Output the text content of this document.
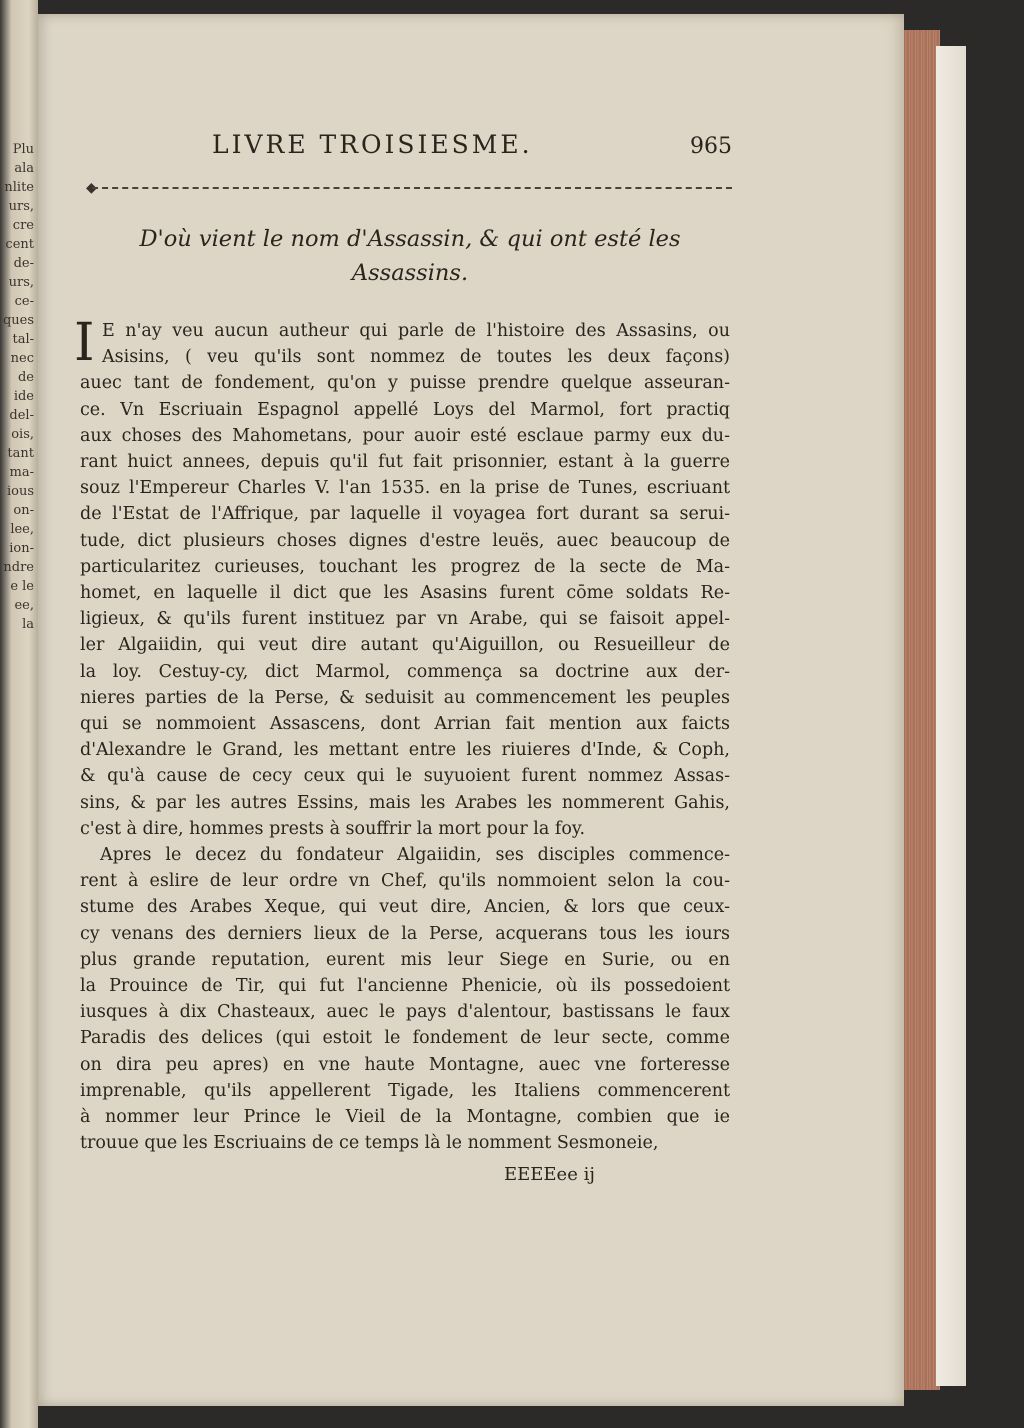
Plu
ala
nlite
urs,
cre
cent
de-
urs,
ce-
ques
tal-
nec
de
ide
del-
ois,
tant
ma-
ious
on-
lee,
ion-
ndre
e le
ee,
la
LIVRE TROISIESME.	965
◆
D'où vient le nom d'Assassin, & qui ont esté les Assassins.
I E n'ay veu aucun autheur qui parle de l'histoire des Assasins, ou
Asisins, ( veu qu'ils sont nommez de toutes les deux façons)
auec tant de fondement, qu'on y puisse prendre quelque asseuran-
ce. Vn Escriuain Espagnol appellé Loys del Marmol, fort practiq
aux choses des Mahometans, pour auoir esté esclaue parmy eux du-
rant huict annees, depuis qu'il fut fait prisonnier, estant à la guerre
souz l'Empereur Charles V. l'an 1535. en la prise de Tunes, escriuant
de l'Estat de l'Affrique, par laquelle il voyagea fort durant sa serui-
tude, dict plusieurs choses dignes d'estre leuës, auec beaucoup de
particularitez curieuses, touchant les progrez de la secte de Ma-
homet, en laquelle il dict que les Asasins furent cōme soldats Re-
ligieux, & qu'ils furent instituez par vn Arabe, qui se faisoit appel-
ler Algaiidin, qui veut dire autant qu'Aiguillon, ou Resueilleur de
la loy. Cestuy-cy, dict Marmol, commença sa doctrine aux der-
nieres parties de la Perse, & seduisit au commencement les peuples
qui se nommoient Assascens, dont Arrian fait mention aux faicts
d'Alexandre le Grand, les mettant entre les riuieres d'Inde, & Coph,
& qu'à cause de cecy ceux qui le suyuoient furent nommez Assas-
sins, & par les autres Essins, mais les Arabes les nommerent Gahis,
c'est à dire, hommes prests à souffrir la mort pour la foy.
Apres le decez du fondateur Algaiidin, ses disciples commence-
rent à eslire de leur ordre vn Chef, qu'ils nommoient selon la cou-
stume des Arabes Xeque, qui veut dire, Ancien, & lors que ceux-
cy venans des derniers lieux de la Perse, acquerans tous les iours
plus grande reputation, eurent mis leur Siege en Surie, ou en
la Prouince de Tir, qui fut l'ancienne Phenicie, où ils possedoient
iusques à dix Chasteaux, auec le pays d'alentour, bastissans le faux
Paradis des delices (qui estoit le fondement de leur secte, comme
on dira peu apres) en vne haute Montagne, auec vne forteresse
imprenable, qu'ils appellerent Tigade, les Italiens commencerent
à nommer leur Prince le Vieil de la Montagne, combien que ie
trouue que les Escriuains de ce temps là le nomment Sesmoneie,
EEEEee ij
